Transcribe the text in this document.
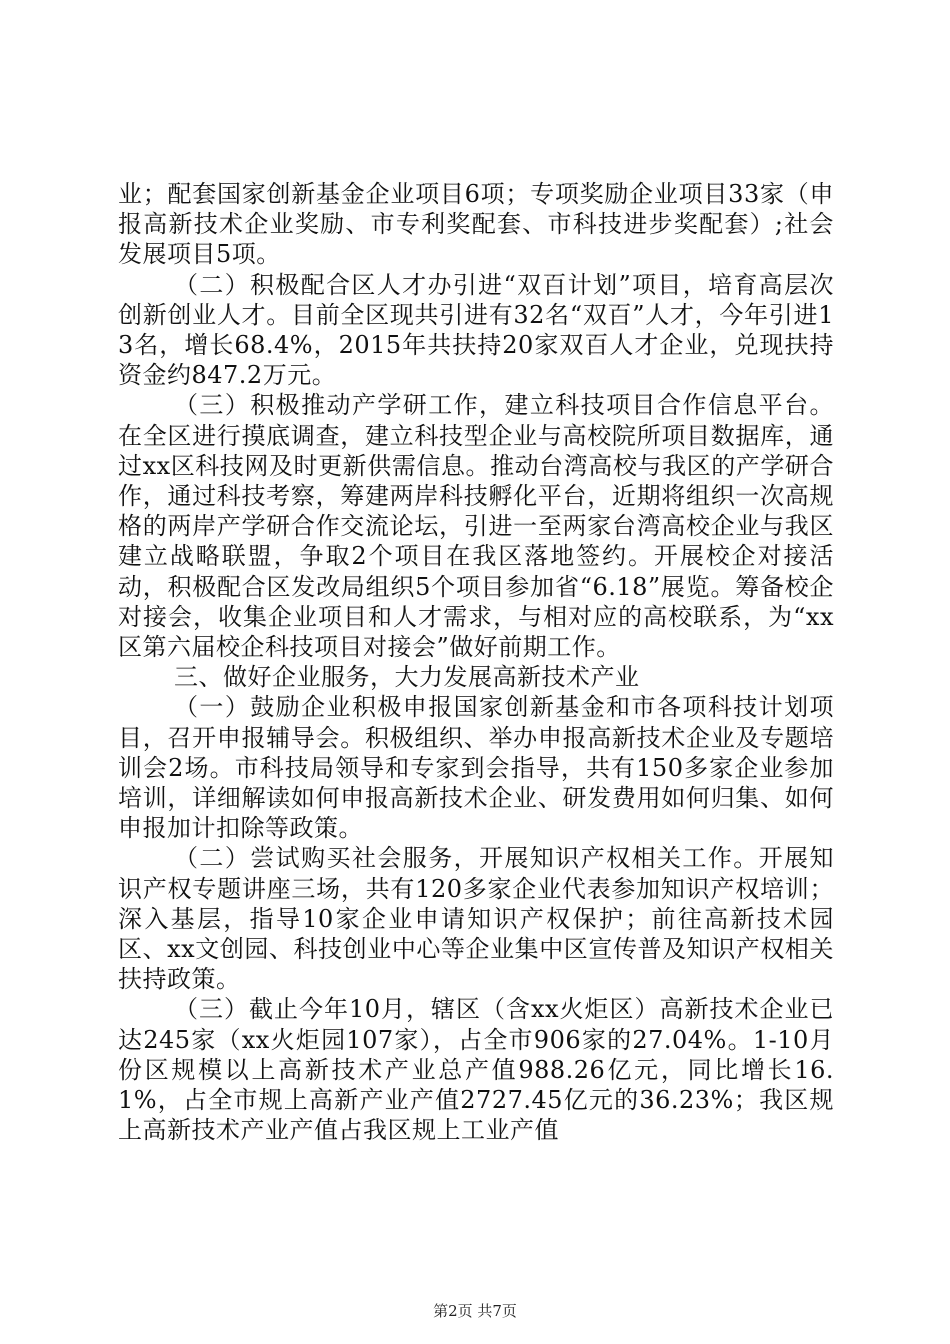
业；配套国家创新基金企业项目6项；专项奖励企业项目33家（申报高新技术企业奖励、市专利奖配套、市科技进步奖配套）;社会发展项目5项。

（二）积极配合区人才办引进“双百计划”项目，培育高层次创新创业人才。目前全区现共引进有32名“双百”人才，今年引进13名，增长68.4%，2015年共扶持20家双百人才企业，兑现扶持资金约847.2万元。

（三）积极推动产学研工作，建立科技项目合作信息平台。在全区进行摸底调查，建立科技型企业与高校院所项目数据库，通过xx区科技网及时更新供需信息。推动台湾高校与我区的产学研合作，通过科技考察，筹建两岸科技孵化平台，近期将组织一次高规格的两岸产学研合作交流论坛，引进一至两家台湾高校企业与我区建立战略联盟，争取2个项目在我区落地签约。开展校企对接活动，积极配合区发改局组织5个项目参加省“6.18”展览。筹备校企对接会，收集企业项目和人才需求，与相对应的高校联系，为“xx区第六届校企科技项目对接会”做好前期工作。

三、做好企业服务，大力发展高新技术产业

（一）鼓励企业积极申报国家创新基金和市各项科技计划项目，召开申报辅导会。积极组织、举办申报高新技术企业及专题培训会2场。市科技局领导和专家到会指导，共有150多家企业参加培训，详细解读如何申报高新技术企业、研发费用如何归集、如何申报加计扣除等政策。

（二）尝试购买社会服务，开展知识产权相关工作。开展知识产权专题讲座三场，共有120多家企业代表参加知识产权培训；深入基层，指导10家企业申请知识产权保护；前往高新技术园区、xx文创园、科技创业中心等企业集中区宣传普及知识产权相关扶持政策。

（三）截止今年10月，辖区（含xx火炬区）高新技术企业已达245家（xx火炬园107家），占全市906家的27.04%。1-10月份区规模以上高新技术产业总产值988.26亿元，同比增长16.1%，占全市规上高新产业产值2727.45亿元的36.23%；我区规上高新技术产业产值占我区规上工业产值

第2页 共7页
